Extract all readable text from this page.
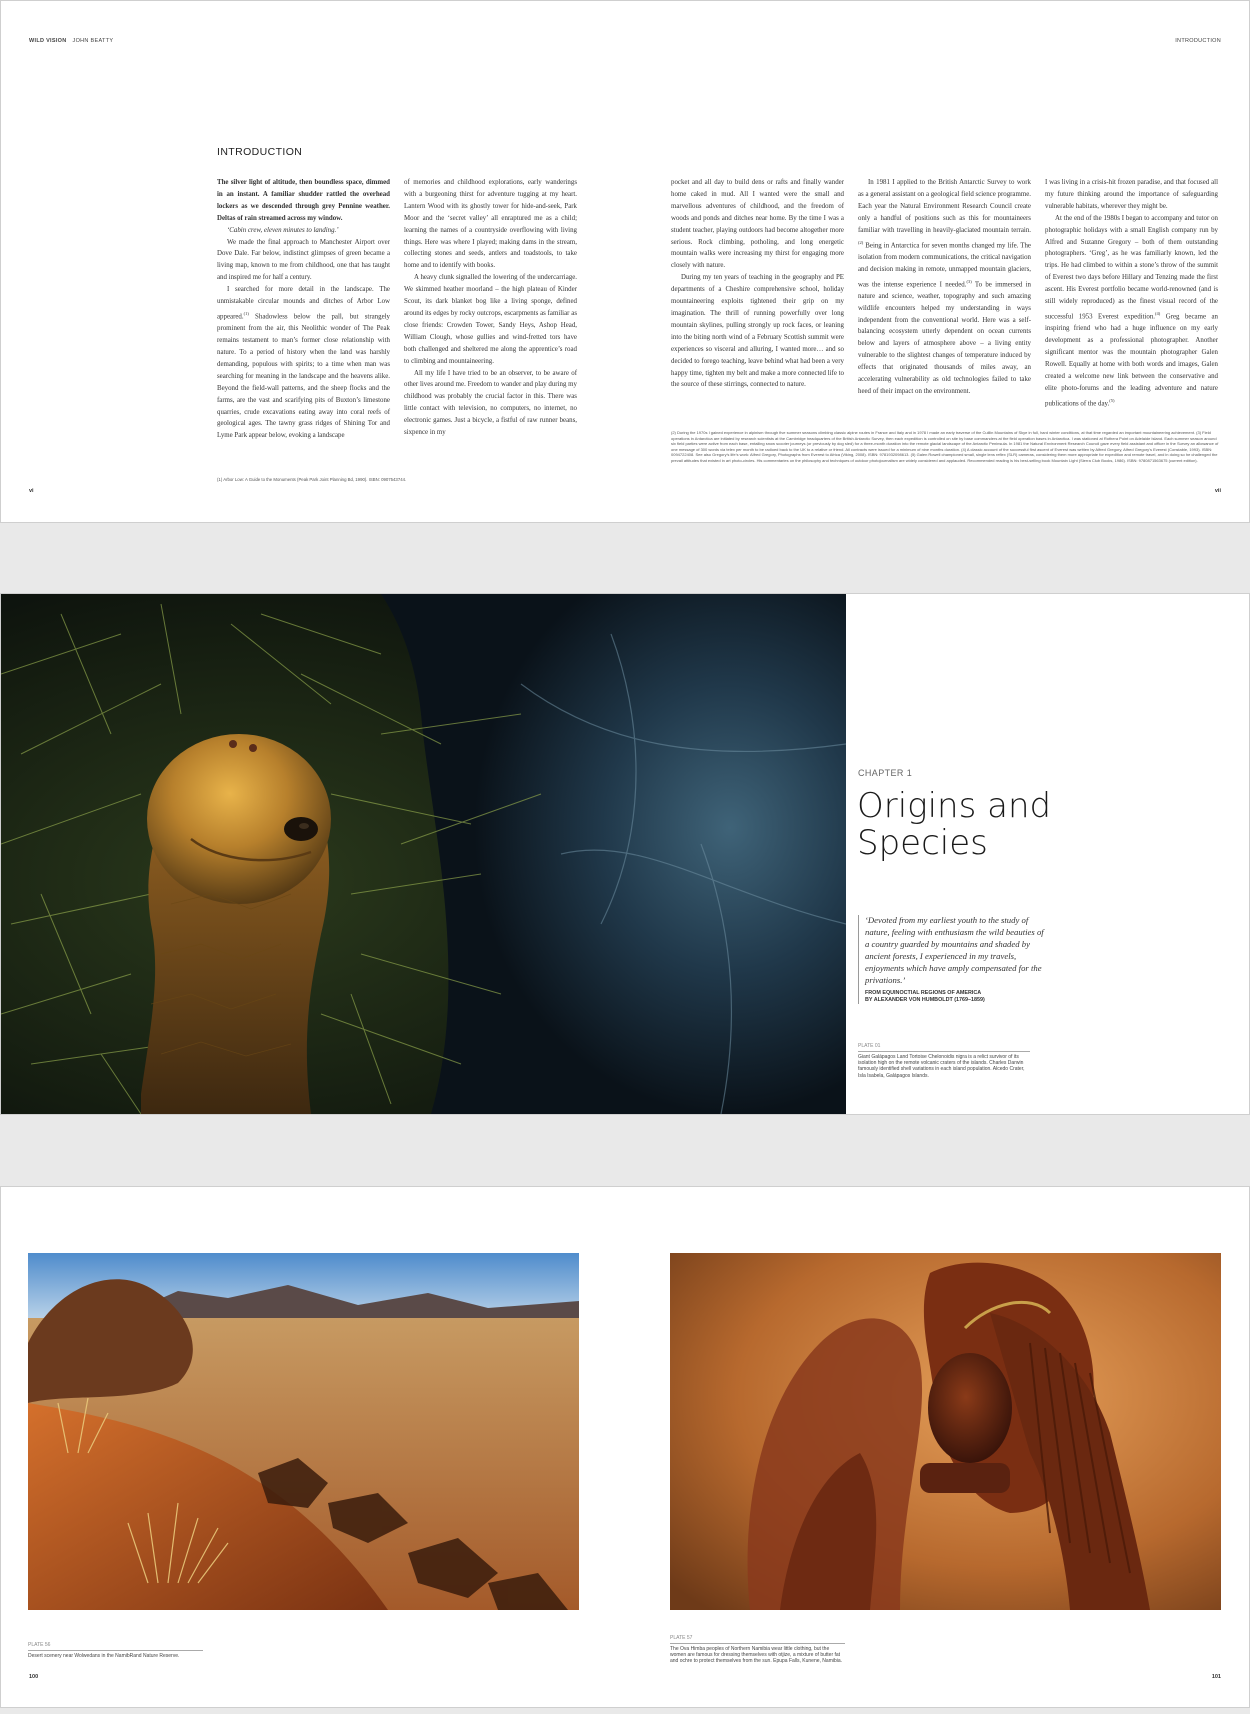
WILD VISION JOHN BEATTY	INTRODUCTION
INTRODUCTION

The silver light of altitude, then boundless space, dimmed in an instant. A familiar shudder rattled the overhead lockers as we descended through grey Pennine weather. Deltas of rain streamed across my window.

‘Cabin crew, eleven minutes to landing.’

We made the final approach to Manchester Airport over Dove Dale. Far below, indistinct glimpses of green became a living map, known to me from childhood, one that has taught and inspired me for half a century.

I searched for more detail in the landscape. The unmistakable circular mounds and ditches of Arbor Low appeared.$^{(1)}$ Shadowless below the pall, but strangely prominent from the air, this Neolithic wonder of The Peak remains testament to man’s former close relationship with nature. To a period of history when the land was harshly demanding, populous with spirits; to a time when man was searching for meaning in the landscape and the heavens alike. Beyond the field-wall patterns, and the sheep flocks and the farms, are the vast and scarifying pits of Buxton’s limestone quarries, crude excavations eating away into coral reefs of geological ages. The tawny grass ridges of Shining Tor and Lyme Park appear below, evoking a landscape

of memories and childhood explorations, early wanderings with a burgeoning thirst for adventure tugging at my heart. Lantern Wood with its ghostly tower for hide-and-seek, Park Moor and the ‘secret valley’ all enraptured me as a child; learning the names of a countryside overflowing with living things. Here was where I played; making dams in the stream, collecting stones and seeds, antlers and toadstools, to take home and to identify with books.

A heavy clunk signalled the lowering of the undercarriage. We skimmed heather moorland – the high plateau of Kinder Scout, its dark blanket bog like a living sponge, defined around its edges by rocky outcrops, escarpments as familiar as close friends: Crowden Tower, Sandy Heys, Ashop Head, William Clough, whose gullies and wind-fretted tors have both challenged and sheltered me along the apprentice’s road to climbing and mountaineering.

All my life I have tried to be an observer, to be aware of other lives around me. Freedom to wander and play during my childhood was probably the crucial factor in this. There was little contact with television, no computers, no internet, no electronic games. Just a bicycle, a fistful of raw runner beans, sixpence in my

pocket and all day to build dens or rafts and finally wander home caked in mud. All I wanted were the small and marvellous adventures of childhood, and the freedom of woods and ponds and ditches near home. By the time I was a student teacher, playing outdoors had become altogether more serious. Rock climbing, potholing, and long energetic mountain walks were increasing my thirst for engaging more closely with nature.

During my ten years of teaching in the geography and PE departments of a Cheshire comprehensive school, holiday mountaineering exploits tightened their grip on my imagination. The thrill of running powerfully over long mountain skylines, pulling strongly up rock faces, or leaning into the biting north wind of a February Scottish summit were experiences so visceral and alluring, I wanted more… and so decided to forego teaching, leave behind what had been a very happy time, tighten my belt and make a more connected life to the source of these stirrings, connected to nature.

In 1981 I applied to the British Antarctic Survey to work as a general assistant on a geological field science programme. Each year the Natural Environment Research Council create only a handful of positions such as this for mountaineers familiar with travelling in heavily-glaciated mountain terrain.$^{(2)}$ Being in Antarctica for seven months changed my life. The isolation from modern communications, the critical navigation and decision making in remote, unmapped mountain glaciers, was the intense experience I needed.$^{(3)}$ To be immersed in nature and science, weather, topography and such amazing wildlife encounters helped my understanding in ways independent from the conventional world. Here was a self-balancing ecosystem utterly dependent on ocean currents below and layers of atmosphere above – a living entity vulnerable to the slightest changes of temperature induced by effects that originated thousands of miles away, an accelerating vulnerability as old technologies failed to take heed of their impact on the environment.

I was living in a crisis-hit frozen paradise, and that focused all my future thinking around the importance of safeguarding vulnerable habitats, wherever they might be.

At the end of the 1980s I began to accompany and tutor on photographic holidays with a small English company run by Alfred and Suzanne Gregory – both of them outstanding photographers. ‘Greg’, as he was familiarly known, led the trips. He had climbed to within a stone’s throw of the summit of Everest two days before Hillary and Tenzing made the first ascent. His Everest portfolio became world-renowned (and is still widely reproduced) as the finest visual record of the successful 1953 Everest expedition.$^{(4)}$ Greg became an inspiring friend who had a huge influence on my early development as a professional photographer. Another significant mentor was the mountain photographer Galen Rowell. Equally at home with both words and images, Galen created a welcome new link between the conservative and elite photo-forums and the leading adventure and nature publications of the day.$^{(5)}$

(1) Arbor Low: A Guide to the Monuments (Peak Park Joint Planning Bd, 1990). ISBN: 0907543744.
(2) During the 1970s I gained experience in alpinism through five summer seasons climbing classic alpine routes in France and Italy and in 1978 I made an early traverse of the Cuillin Mountains of Skye in full, hard winter conditions, at that time regarded an important mountaineering achievement. (3) Field operations in Antarctica are initiated by research scientists at the Cambridge headquarters of the British Antarctic Survey, then each expedition is controlled on site by base commanders at the field operation bases in Antarctica. I was stationed at Rothera Point on Adelaide Island. Each summer season around six field parties were active from each base, entailing snow scooter journeys (or previously by dog sled) for a three-month duration into the remote glacial landscape of the Antarctic Peninsula. In 1981 the Natural Environment Research Council gave every field assistant and officer in the Survey an allowance of one message of 300 words via telex per month to be radioed back to the UK to a relative or friend. All contracts were issued for a minimum of nine months duration. (4) A classic account of the successful first ascent of Everest was written by Alfred Gregory, Alfred Gregory’s Everest (Constable, 1993). ISBN: 0094722408. See also Gregory’s life’s work: Alfred Gregory, Photographs from Everest to Africa (Viking, 2008). ISBN: 9781932098613. (5) Galen Rowell championed small, single lens reflex (SLR) cameras, considering them more appropriate for expedition and remote travel, and in doing so he challenged the prevail attitudes that existed in art photo-circles. His commentaries on the philosophy and techniques of outdoor photojournalism are widely considered and applauded. Recommended reading is his best-selling book Mountain Light (Sierra Club Books, 1986). ISBN: 9780871563675 (current edition).
vi	vii
CHAPTER 1
Origins and Species
‘Devoted from my earliest youth to the study of nature, feeling with enthusiasm the wild beauties of a country guarded by mountains and shaded by ancient forests, I experienced in my travels, enjoyments which have amply compensated for the privations.’
FROM EQUINOCTIAL REGIONS OF AMERICA
BY ALEXANDER VON HUMBOLDT (1769–1859)
PLATE 01
Giant Galápagos Land Tortoise Chelonoidis nigra is a relict survivor of its isolation high on the remote volcanic craters of the islands. Charles Darwin famously identified shell variations in each island population. Alcedo Crater, Isla Isabela, Galápagos Islands.
PLATE 56
Desert scenery near Wolwedans in the NamibRand Nature Reserve.
PLATE 57
The Ova Himba peoples of Northern Namibia wear little clothing, but the women are famous for dressing themselves with otjize, a mixture of butter fat and ochre to protect themselves from the sun. Epupa Falls, Kunene, Namibia.
100	101
